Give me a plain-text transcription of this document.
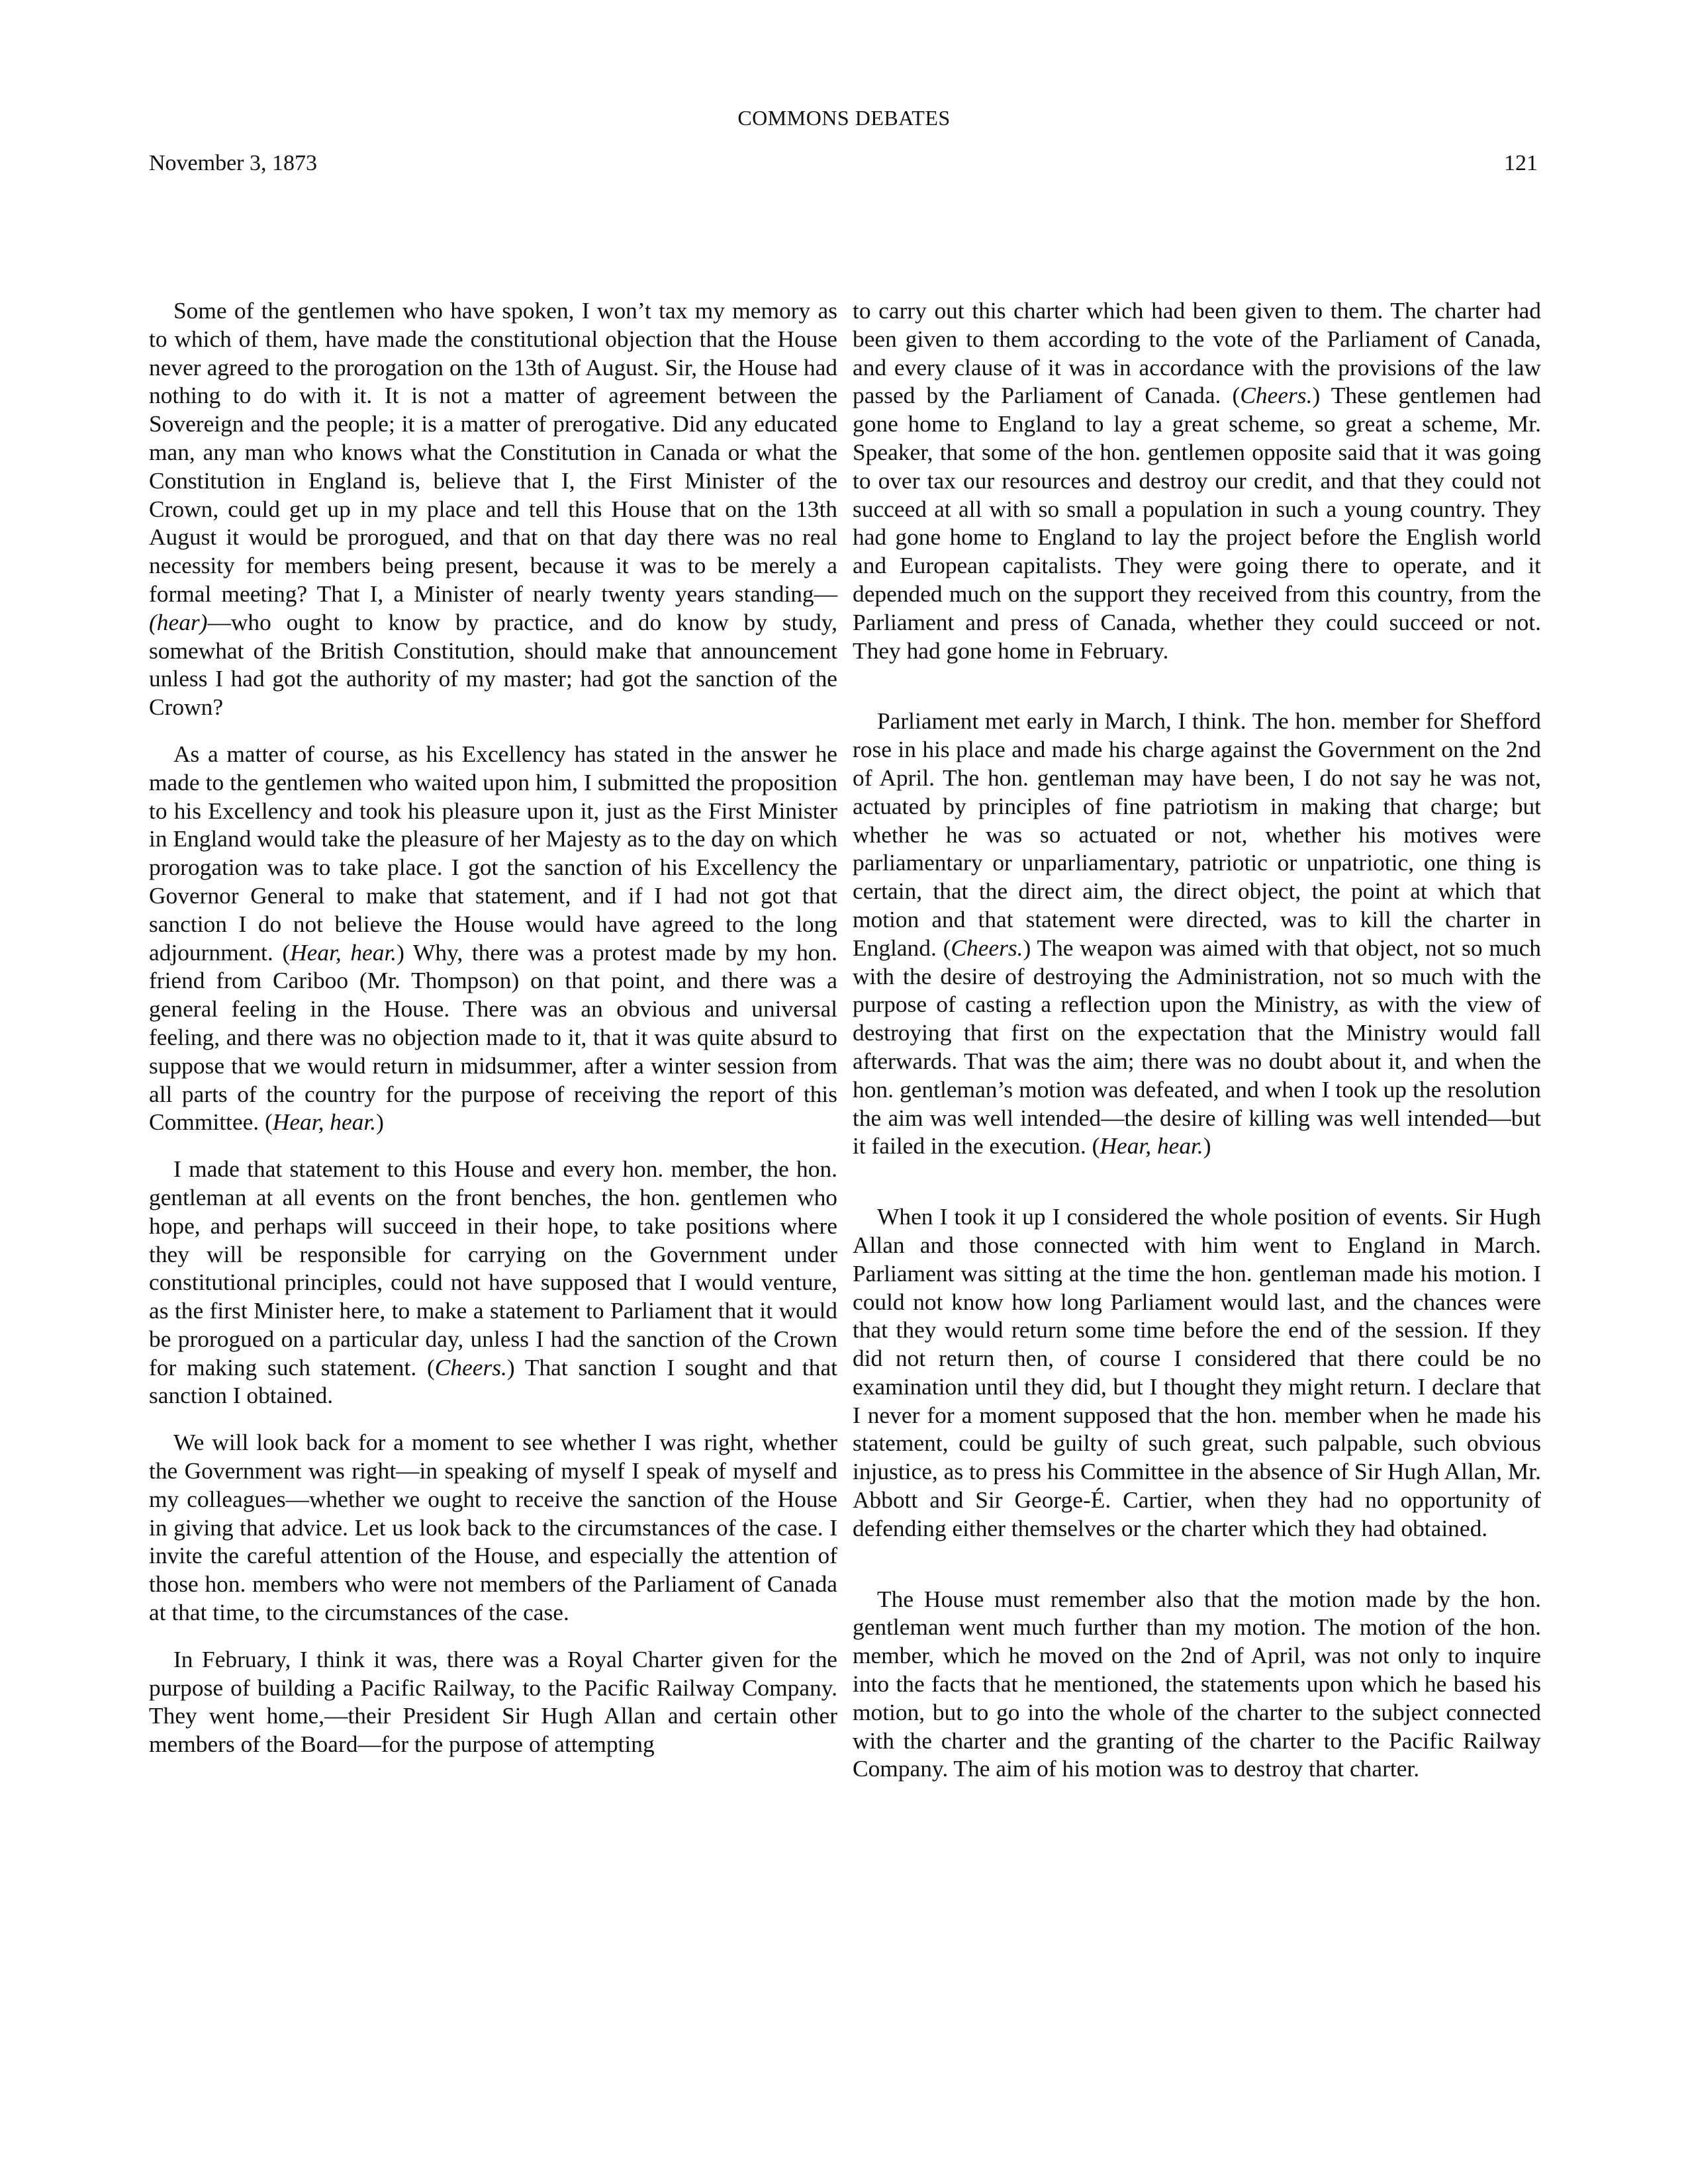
COMMONS DEBATES
November 3, 1873	121

Some of the gentlemen who have spoken, I won’t tax my memory as to which of them, have made the constitutional objection that the House never agreed to the prorogation on the 13th of August. Sir, the House had nothing to do with it. It is not a matter of agreement between the Sovereign and the people; it is a matter of prerogative. Did any educated man, any man who knows what the Constitution in Canada or what the Constitution in England is, believe that I, the First Minister of the Crown, could get up in my place and tell this House that on the 13th August it would be prorogued, and that on that day there was no real necessity for members being present, because it was to be merely a formal meeting? That I, a Minister of nearly twenty years standing—(hear)—who ought to know by practice, and do know by study, somewhat of the British Constitution, should make that announcement unless I had got the authority of my master; had got the sanction of the Crown?

As a matter of course, as his Excellency has stated in the answer he made to the gentlemen who waited upon him, I submitted the proposition to his Excellency and took his pleasure upon it, just as the First Minister in England would take the pleasure of her Majesty as to the day on which prorogation was to take place. I got the sanction of his Excellency the Governor General to make that statement, and if I had not got that sanction I do not believe the House would have agreed to the long adjournment. (Hear, hear.) Why, there was a protest made by my hon. friend from Cariboo (Mr. Thompson) on that point, and there was a general feeling in the House. There was an obvious and universal feeling, and there was no objection made to it, that it was quite absurd to suppose that we would return in midsummer, after a winter session from all parts of the country for the purpose of receiving the report of this Committee. (Hear, hear.)

I made that statement to this House and every hon. member, the hon. gentleman at all events on the front benches, the hon. gentlemen who hope, and perhaps will succeed in their hope, to take positions where they will be responsible for carrying on the Government under constitutional principles, could not have supposed that I would venture, as the first Minister here, to make a statement to Parliament that it would be prorogued on a particular day, unless I had the sanction of the Crown for making such statement. (Cheers.) That sanction I sought and that sanction I obtained.

We will look back for a moment to see whether I was right, whether the Government was right—in speaking of myself I speak of myself and my colleagues—whether we ought to receive the sanction of the House in giving that advice. Let us look back to the circumstances of the case. I invite the careful attention of the House, and especially the attention of those hon. members who were not members of the Parliament of Canada at that time, to the circumstances of the case.

In February, I think it was, there was a Royal Charter given for the purpose of building a Pacific Railway, to the Pacific Railway Company. They went home,—their President Sir Hugh Allan and certain other members of the Board—for the purpose of attempting

to carry out this charter which had been given to them. The charter had been given to them according to the vote of the Parliament of Canada, and every clause of it was in accordance with the provisions of the law passed by the Parliament of Canada. (Cheers.) These gentlemen had gone home to England to lay a great scheme, so great a scheme, Mr. Speaker, that some of the hon. gentlemen opposite said that it was going to over tax our resources and destroy our credit, and that they could not succeed at all with so small a population in such a young country. They had gone home to England to lay the project before the English world and European capitalists. They were going there to operate, and it depended much on the support they received from this country, from the Parliament and press of Canada, whether they could succeed or not. They had gone home in February.

Parliament met early in March, I think. The hon. member for Shefford rose in his place and made his charge against the Government on the 2nd of April. The hon. gentleman may have been, I do not say he was not, actuated by principles of fine patriotism in making that charge; but whether he was so actuated or not, whether his motives were parliamentary or unparliamentary, patriotic or unpatriotic, one thing is certain, that the direct aim, the direct object, the point at which that motion and that statement were directed, was to kill the charter in England. (Cheers.) The weapon was aimed with that object, not so much with the desire of destroying the Administration, not so much with the purpose of casting a reflection upon the Ministry, as with the view of destroying that first on the expectation that the Ministry would fall afterwards. That was the aim; there was no doubt about it, and when the hon. gentleman’s motion was defeated, and when I took up the resolution the aim was well intended—the desire of killing was well intended—but it failed in the execution. (Hear, hear.)

When I took it up I considered the whole position of events. Sir Hugh Allan and those connected with him went to England in March. Parliament was sitting at the time the hon. gentleman made his motion. I could not know how long Parliament would last, and the chances were that they would return some time before the end of the session. If they did not return then, of course I considered that there could be no examination until they did, but I thought they might return. I declare that I never for a moment supposed that the hon. member when he made his statement, could be guilty of such great, such palpable, such obvious injustice, as to press his Committee in the absence of Sir Hugh Allan, Mr. Abbott and Sir George-É. Cartier, when they had no opportunity of defending either themselves or the charter which they had obtained.

The House must remember also that the motion made by the hon. gentleman went much further than my motion. The motion of the hon. member, which he moved on the 2nd of April, was not only to inquire into the facts that he mentioned, the statements upon which he based his motion, but to go into the whole of the charter to the subject connected with the charter and the granting of the charter to the Pacific Railway Company. The aim of his motion was to destroy that charter.
